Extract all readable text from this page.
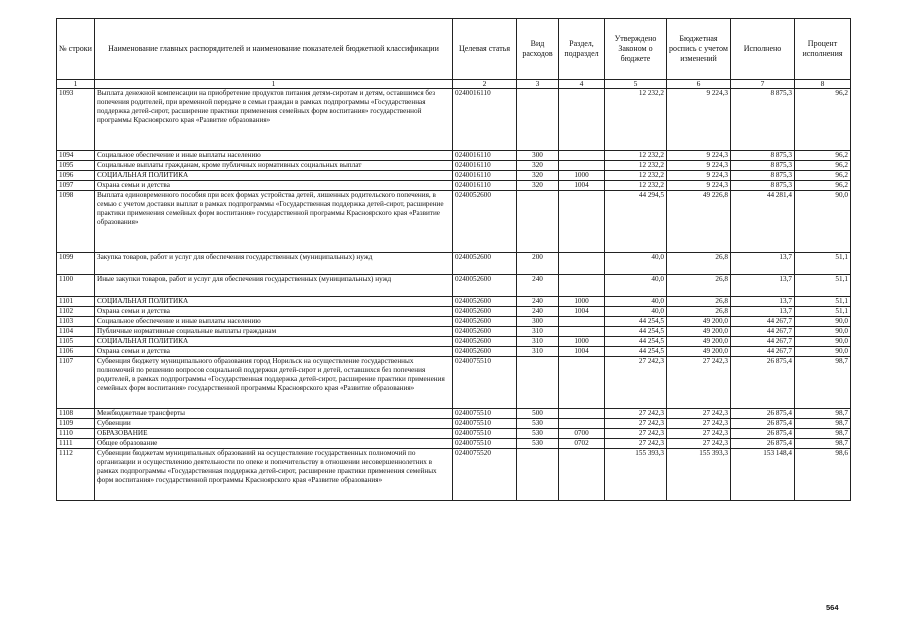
№ строки	Наименование главных распорядителей и наименование показателей бюджетной классификации	Целевая статья	Вид расходов	Раздел, подраздел	Утверждено Законом о бюджете	Бюджетная роспись с учетом изменений	Исполнено	Процент исполнения
1	1	2	3	4	5	6	7	8
1093	Выплата денежной компенсации на приобретение продуктов питания детям-сиротам и детям, оставшимся без попечения родителей, при временной передаче в семьи граждан в рамках подпрограммы «Государственная поддержка детей-сирот, расширение практики применения семейных форм воспитания» государственной программы Красноярского края «Развитие образования»	0240016110			12 232,2	9 224,3	8 875,3	96,2
1094	Социальное обеспечение и иные выплаты населению	0240016110	300		12 232,2	9 224,3	8 875,3	96,2
1095	Социальные выплаты гражданам, кроме публичных нормативных социальных выплат	0240016110	320		12 232,2	9 224,3	8 875,3	96,2
1096	СОЦИАЛЬНАЯ ПОЛИТИКА	0240016110	320	1000	12 232,2	9 224,3	8 875,3	96,2
1097	Охрана семьи и детства	0240016110	320	1004	12 232,2	9 224,3	8 875,3	96,2
1098	Выплата единовременного пособия при всех формах устройства детей, лишенных родительского попечения, в семью с учетом доставки выплат в рамках подпрограммы «Государственная поддержка детей-сирот, расширение практики применения семейных форм воспитания» государственной программы Красноярского края «Развитие образования»	0240052600			44 294,5	49 226,8	44 281,4	90,0
1099	Закупка товаров, работ и услуг для обеспечения государственных (муниципальных) нужд	0240052600	200		40,0	26,8	13,7	51,1
1100	Иные закупки товаров, работ и услуг для обеспечения государственных (муниципальных) нужд	0240052600	240		40,0	26,8	13,7	51,1
1101	СОЦИАЛЬНАЯ ПОЛИТИКА	0240052600	240	1000	40,0	26,8	13,7	51,1
1102	Охрана семьи и детства	0240052600	240	1004	40,0	26,8	13,7	51,1
1103	Социальное обеспечение и иные выплаты населению	0240052600	300		44 254,5	49 200,0	44 267,7	90,0
1104	Публичные нормативные социальные выплаты гражданам	0240052600	310		44 254,5	49 200,0	44 267,7	90,0
1105	СОЦИАЛЬНАЯ ПОЛИТИКА	0240052600	310	1000	44 254,5	49 200,0	44 267,7	90,0
1106	Охрана семьи и детства	0240052600	310	1004	44 254,5	49 200,0	44 267,7	90,0
1107	Субвенция бюджету муниципального образования город Норильск на осуществление государственных полномочий по решению вопросов социальной поддержки детей-сирот и детей, оставшихся без попечения родителей, в рамках подпрограммы «Государственная поддержка детей-сирот, расширение практики применения семейных форм воспитания» государственной программы Красноярского края «Развитие образования»	0240075510			27 242,3	27 242,3	26 875,4	98,7
1108	Межбюджетные трансферты	0240075510	500		27 242,3	27 242,3	26 875,4	98,7
1109	Субвенции	0240075510	530		27 242,3	27 242,3	26 875,4	98,7
1110	ОБРАЗОВАНИЕ	0240075510	530	0700	27 242,3	27 242,3	26 875,4	98,7
1111	Общее образование	0240075510	530	0702	27 242,3	27 242,3	26 875,4	98,7
1112	Субвенции бюджетам муниципальных образований на осуществление государственных полномочий по организации и осуществлению деятельности по опеке и попечительству в отношении несовершеннолетних в рамках подпрограммы «Государственная поддержка детей-сирот, расширение практики применения семейных форм воспитания» государственной программы Красноярского края «Развитие образования»	0240075520			155 393,3	155 393,3	153 148,4	98,6
564
